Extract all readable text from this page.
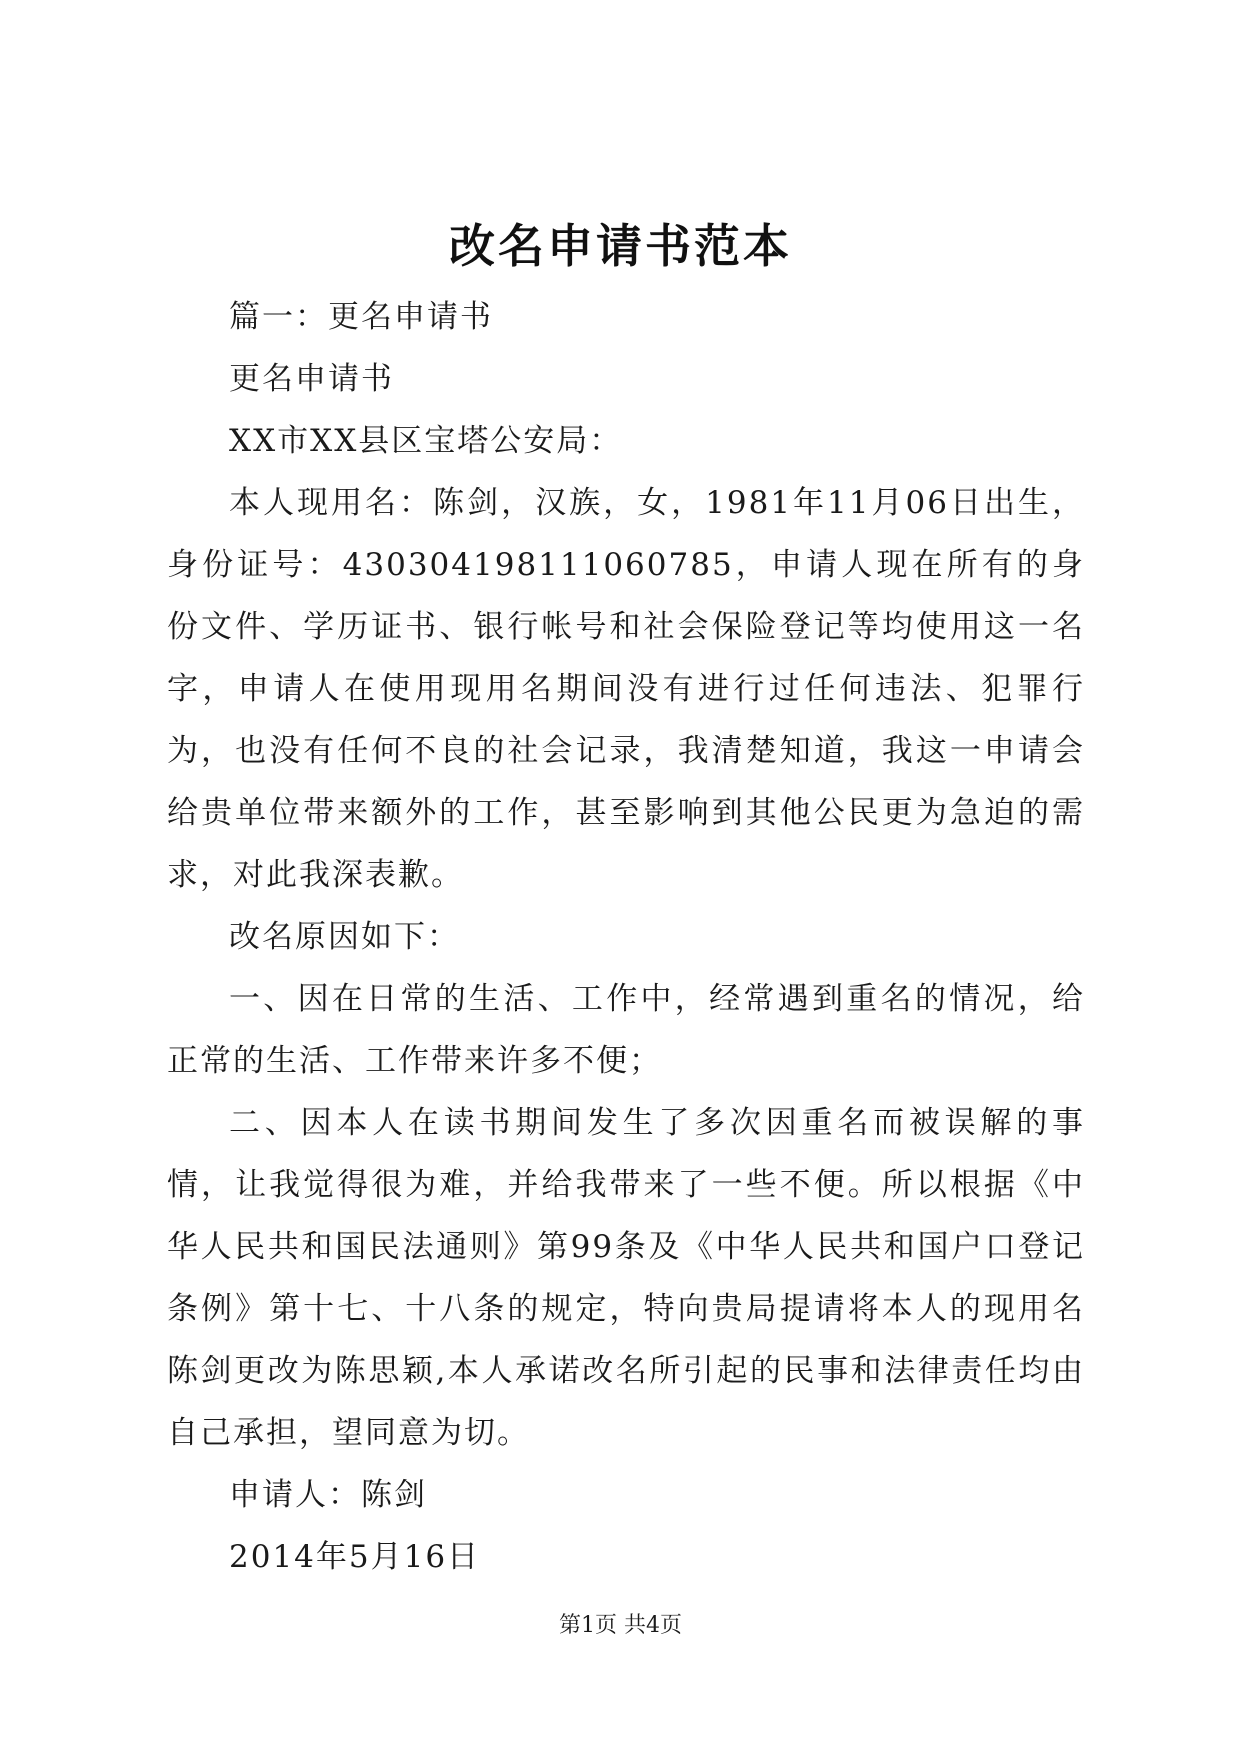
改名申请书范本

篇一：更名申请书

更名申请书

XX市XX县区宝塔公安局：

本人现用名：陈剑，汉族，女，1981年11月06日出生，身份证号：430304198111060785，申请人现在所有的身份文件、学历证书、银行帐号和社会保险登记等均使用这一名字，申请人在使用现用名期间没有进行过任何违法、犯罪行为，也没有任何不良的社会记录，我清楚知道，我这一申请会给贵单位带来额外的工作，甚至影响到其他公民更为急迫的需求，对此我深表歉。

改名原因如下：

一、因在日常的生活、工作中，经常遇到重名的情况，给正常的生活、工作带来许多不便；

二、因本人在读书期间发生了多次因重名而被误解的事情，让我觉得很为难，并给我带来了一些不便。所以根据《中华人民共和国民法通则》第99条及《中华人民共和国户口登记条例》第十七、十八条的规定，特向贵局提请将本人的现用名陈剑更改为陈思颖,本人承诺改名所引起的民事和法律责任均由自己承担，望同意为切。

申请人：陈剑

2014年5月16日

第1页 共4页
